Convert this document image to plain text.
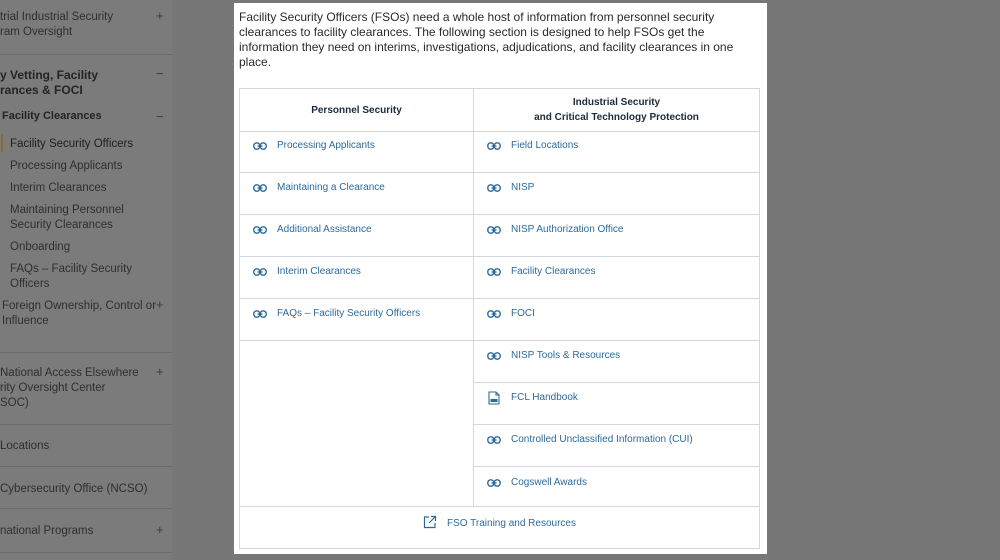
trial Industrial Security
ram Oversight
+
y Vetting, Facility
rances & FOCI
−
Facility Clearances	−
Facility Security Officers
Processing Applicants
Interim Clearances
Maintaining Personnel
Security Clearances
Onboarding
FAQs – Facility Security
Officers
Foreign Ownership, Control or
Influence
+
National Access Elsewhere
rity Oversight Center
SOC)
+
Locations
Cybersecurity Office (NCSO)
national Programs	+
Facility Security Officers (FSOs) need a whole host of information from personnel security clearances to facility clearances. The following section is designed to help FSOs get the information they need on interims, investigations, adjudications, and facility clearances in one place.
Personnel Security
Industrial Security
and Critical Technology Protection
Processing Applicants
Maintaining a Clearance
Additional Assistance
Interim Clearances
FAQs – Facility Security Officers
Field Locations
NISP
NISP Authorization Office
Facility Clearances
FOCI
NISP Tools & Resources
FCL Handbook
Controlled Unclassified Information (CUI)
Cogswell Awards
FSO Training and Resources
